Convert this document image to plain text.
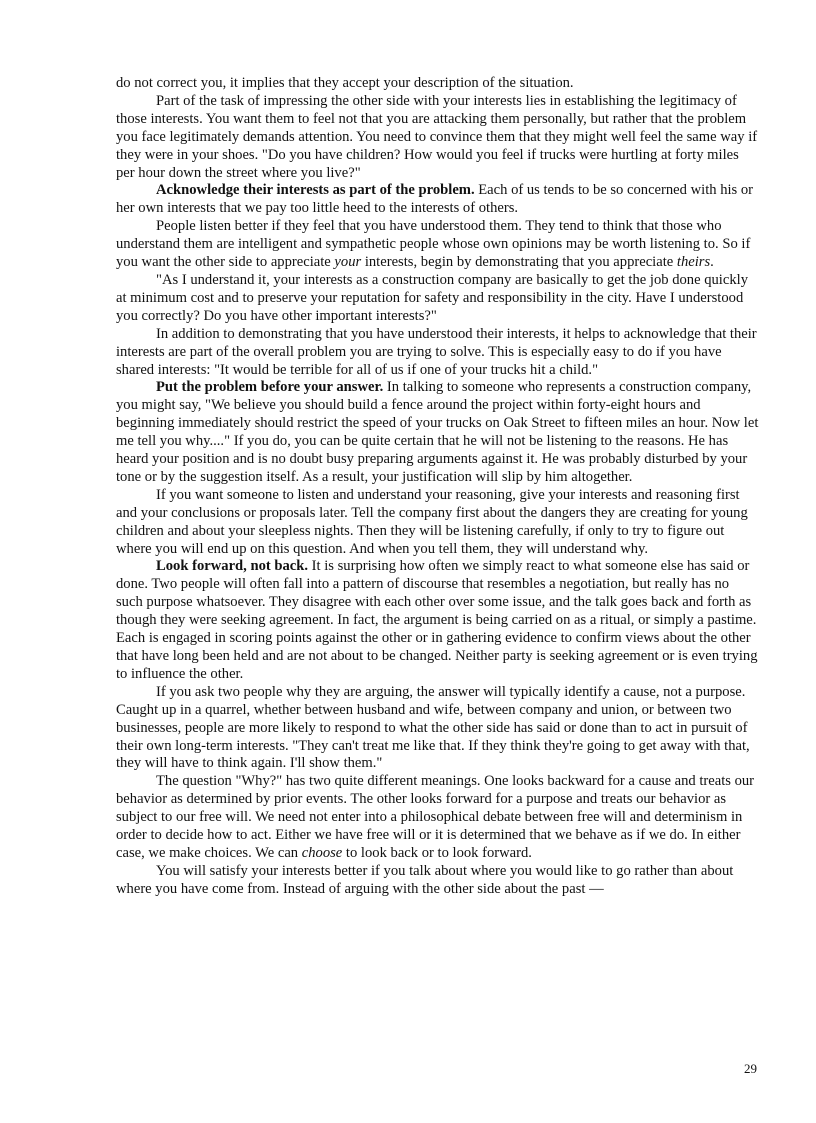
do not correct you, it implies that they accept your description of the situation.

Part of the task of impressing the other side with your interests lies in establishing the legitimacy of those interests. You want them to feel not that you are attacking them personally, but rather that the problem you face legitimately demands attention. You need to convince them that they might well feel the same way if they were in your shoes. "Do you have children? How would you feel if trucks were hurtling at forty miles per hour down the street where you live?"

Acknowledge their interests as part of the problem. Each of us tends to be so concerned with his or her own interests that we pay too little heed to the interests of others.

People listen better if they feel that you have understood them. They tend to think that those who understand them are intelligent and sympathetic people whose own opinions may be worth listening to. So if you want the other side to appreciate your interests, begin by demonstrating that you appreciate theirs.

"As I understand it, your interests as a construction company are basically to get the job done quickly at minimum cost and to preserve your reputation for safety and responsibility in the city. Have I understood you correctly? Do you have other important interests?"

In addition to demonstrating that you have understood their interests, it helps to acknowledge that their interests are part of the overall problem you are trying to solve. This is especially easy to do if you have shared interests: "It would be terrible for all of us if one of your trucks hit a child."

Put the problem before your answer. In talking to someone who represents a construction company, you might say, "We believe you should build a fence around the project within forty-eight hours and beginning immediately should restrict the speed of your trucks on Oak Street to fifteen miles an hour. Now let me tell you why...." If you do, you can be quite certain that he will not be listening to the reasons. He has heard your position and is no doubt busy preparing arguments against it. He was probably disturbed by your tone or by the suggestion itself. As a result, your justification will slip by him altogether.

If you want someone to listen and understand your reasoning, give your interests and reasoning first and your conclusions or proposals later. Tell the company first about the dangers they are creating for young children and about your sleepless nights. Then they will be listening carefully, if only to try to figure out where you will end up on this question. And when you tell them, they will understand why.

Look forward, not back. It is surprising how often we simply react to what someone else has said or done. Two people will often fall into a pattern of discourse that resembles a negotiation, but really has no such purpose whatsoever. They disagree with each other over some issue, and the talk goes back and forth as though they were seeking agreement. In fact, the argument is being carried on as a ritual, or simply a pastime. Each is engaged in scoring points against the other or in gathering evidence to confirm views about the other that have long been held and are not about to be changed. Neither party is seeking agreement or is even trying to influence the other.

If you ask two people why they are arguing, the answer will typically identify a cause, not a purpose. Caught up in a quarrel, whether between husband and wife, between company and union, or between two businesses, people are more likely to respond to what the other side has said or done than to act in pursuit of their own long-term interests. "They can't treat me like that. If they think they're going to get away with that, they will have to think again. I'll show them."

The question "Why?" has two quite different meanings. One looks backward for a cause and treats our behavior as determined by prior events. The other looks forward for a purpose and treats our behavior as subject to our free will. We need not enter into a philosophical debate between free will and determinism in order to decide how to act. Either we have free will or it is determined that we behave as if we do. In either case, we make choices. We can choose to look back or to look forward.

You will satisfy your interests better if you talk about where you would like to go rather than about where you have come from. Instead of arguing with the other side about the past —

29
